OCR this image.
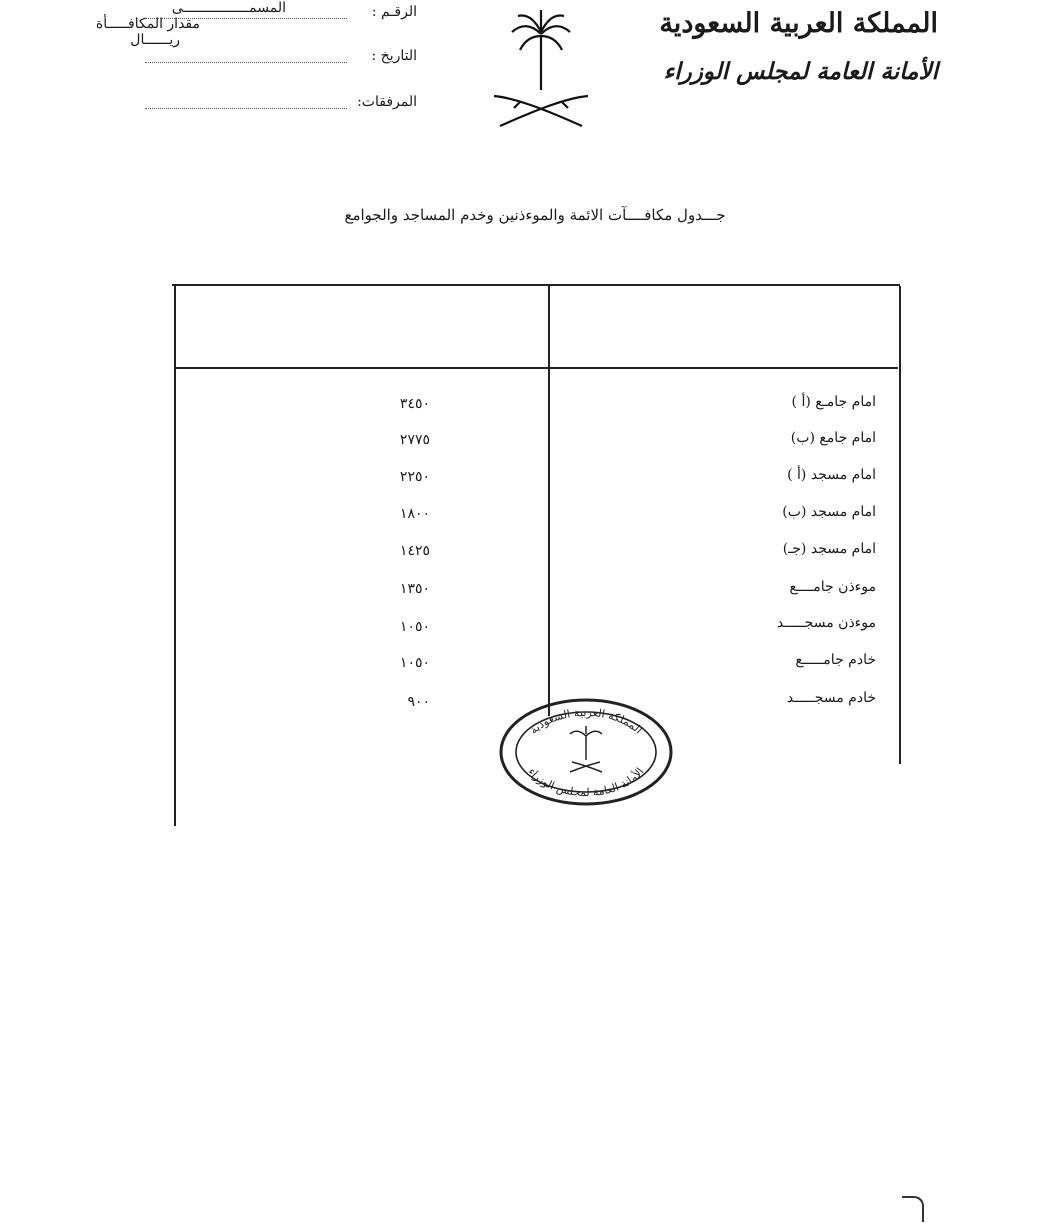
المملكة العربية السعودية
الأمانة العامة لمجلس الوزراء
الرقـم :
التاريخ :
المرفقات:
جـــدول مكافــــآت الائمة والموءذنين وخدم المساجد والجوامع
المسمــــــــــــــــى
مقدار المكافـــــأة
ريــــــال
امام جامـع (أ )
٣٤٥٠
امام جامع (ب)
٢٧٧٥
امام مسجد (أ )
٢٢٥٠
امام مسجد (ب)
١٨٠٠
امام مسجد (جـ)
١٤٢٥
موءذن جامــــع
١٣٥٠
موءذن مسجـــــد
١٠٥٠
خادم جامـــــع
١٠٥٠
خادم مسجـــــد
٩٠٠
المملكة العربية السعودية
الأمانة العامة لمجلس الوزراء
